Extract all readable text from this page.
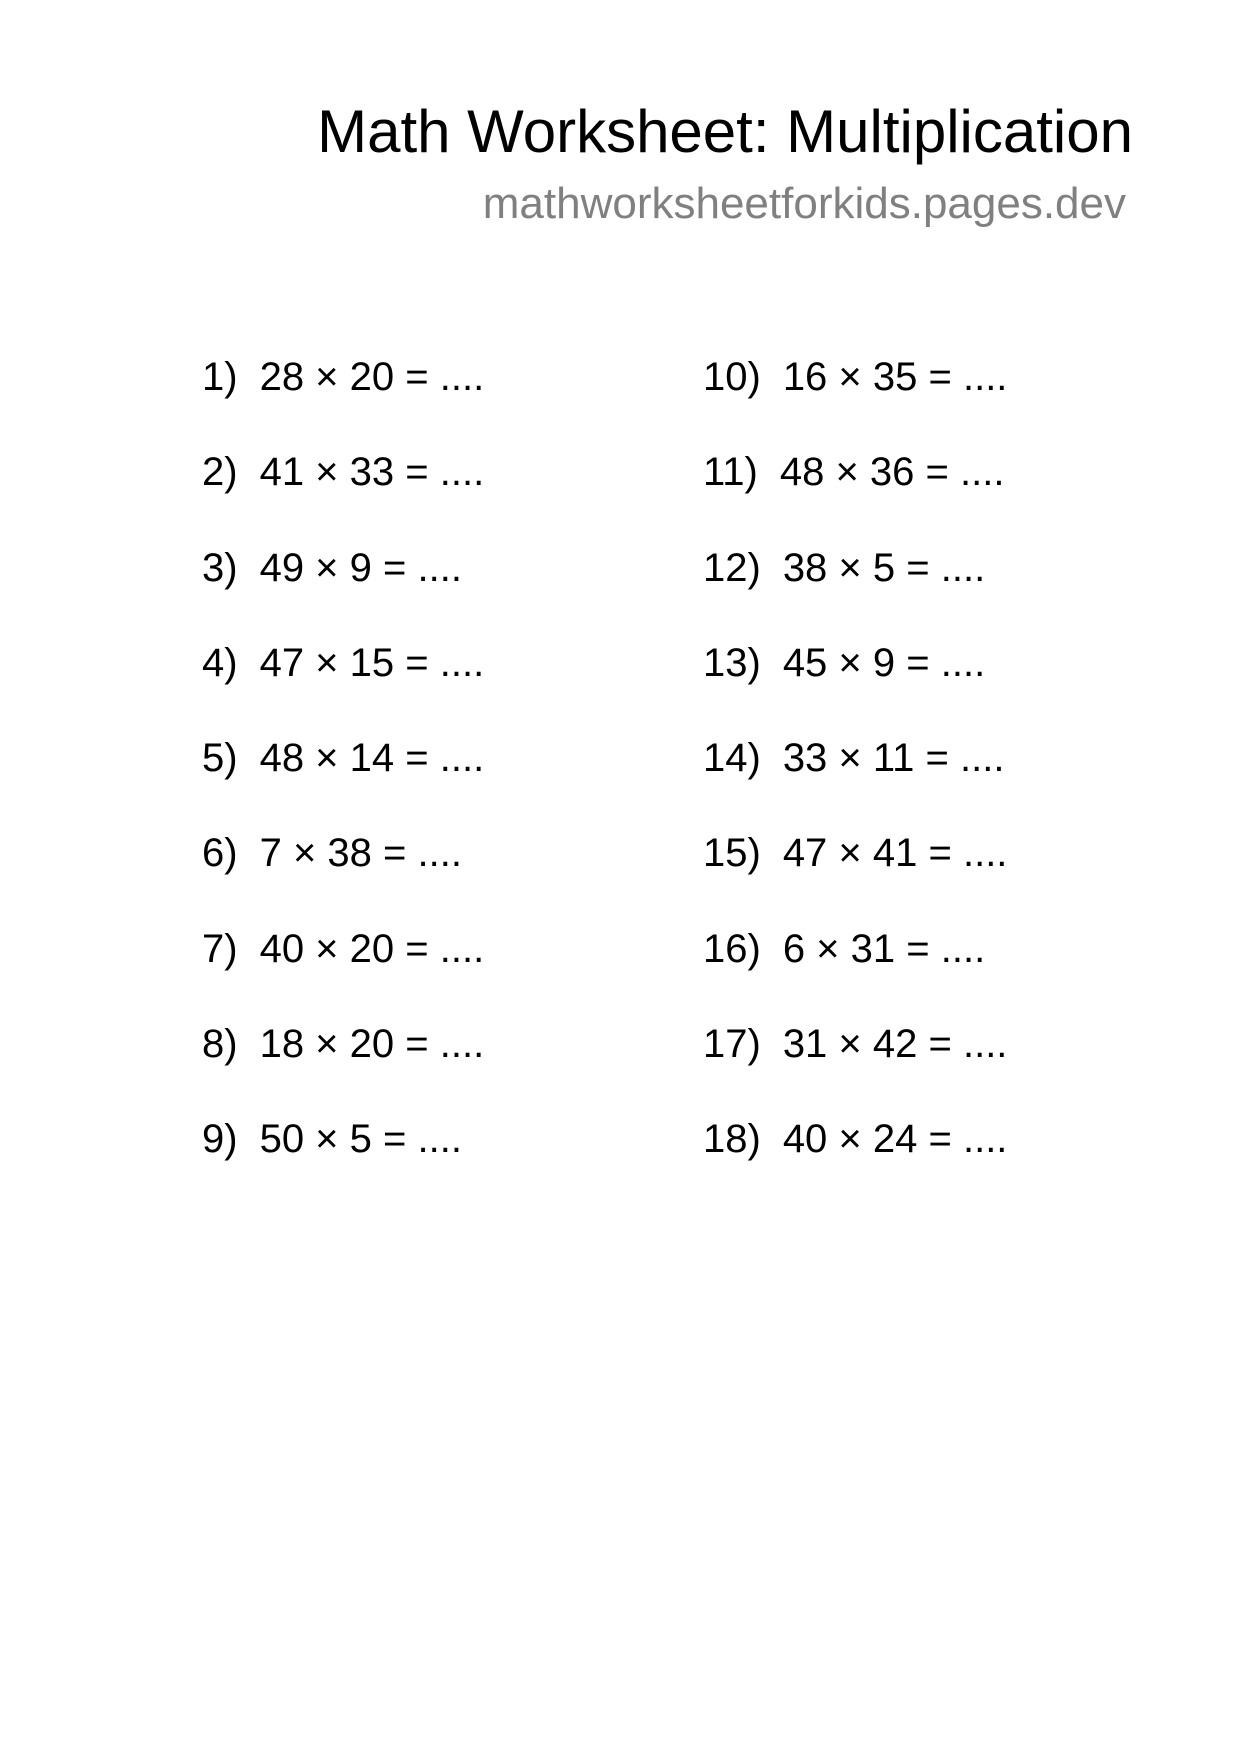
Math Worksheet: Multiplication
mathworksheetforkids.pages.dev
1) 28 × 20 = ....
2) 41 × 33 = ....
3) 49 × 9 = ....
4) 47 × 15 = ....
5) 48 × 14 = ....
6) 7 × 38 = ....
7) 40 × 20 = ....
8) 18 × 20 = ....
9) 50 × 5 = ....
10) 16 × 35 = ....
11) 48 × 36 = ....
12) 38 × 5 = ....
13) 45 × 9 = ....
14) 33 × 11 = ....
15) 47 × 41 = ....
16) 6 × 31 = ....
17) 31 × 42 = ....
18) 40 × 24 = ....
